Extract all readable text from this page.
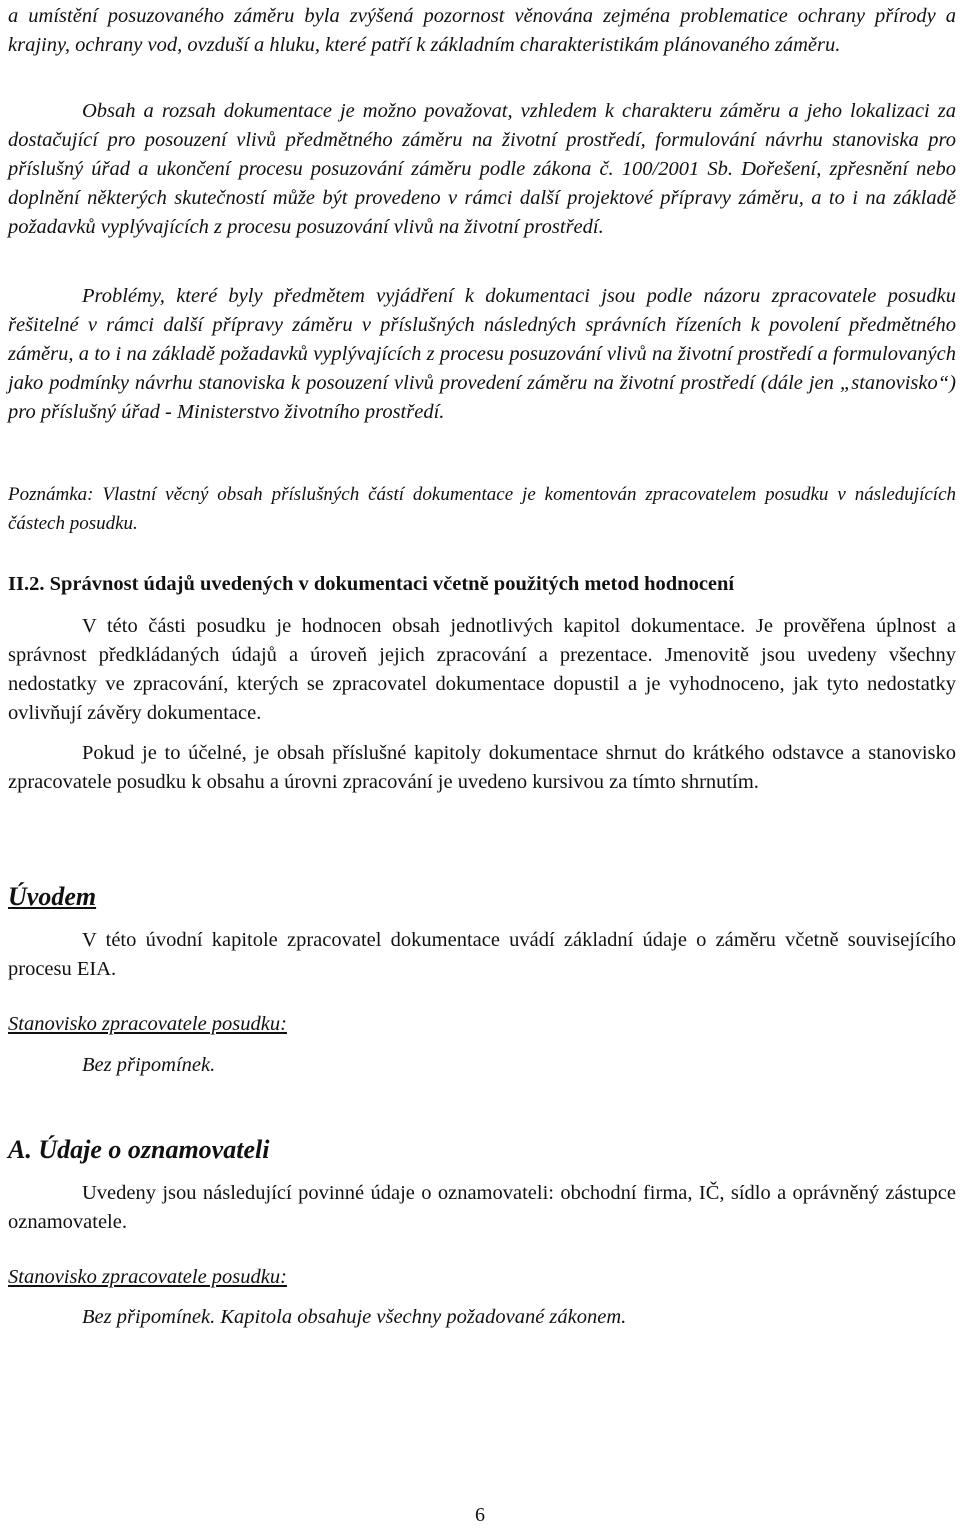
a umístění posuzovaného záměru byla zvýšená pozornost věnována zejména problematice ochrany přírody a krajiny, ochrany vod, ovzduší a hluku, které patří k základním charakteristikám plánovaného záměru.

Obsah a rozsah dokumentace je možno považovat, vzhledem k charakteru záměru a jeho lokalizaci za dostačující pro posouzení vlivů předmětného záměru na životní prostředí, formulování návrhu stanoviska pro příslušný úřad a ukončení procesu posuzování záměru podle zákona č. 100/2001 Sb. Dořešení, zpřesnění nebo doplnění některých skutečností může být provedeno v rámci další projektové přípravy záměru, a to i na základě požadavků vyplývajících z procesu posuzování vlivů na životní prostředí.

Problémy, které byly předmětem vyjádření k dokumentaci jsou podle názoru zpracovatele posudku řešitelné v rámci další přípravy záměru v příslušných následných správních řízeních k povolení předmětného záměru, a to i na základě požadavků vyplývajících z procesu posuzování vlivů na životní prostředí a formulovaných jako podmínky návrhu stanoviska k posouzení vlivů provedení záměru na životní prostředí (dále jen „stanovisko“) pro příslušný úřad - Ministerstvo životního prostředí.

Poznámka: Vlastní věcný obsah příslušných částí dokumentace je komentován zpracovatelem posudku v následujících částech posudku.

II.2. Správnost údajů uvedených v dokumentaci včetně použitých metod hodnocení

V této části posudku je hodnocen obsah jednotlivých kapitol dokumentace. Je prověřena úplnost a správnost předkládaných údajů a úroveň jejich zpracování a prezentace. Jmenovitě jsou uvedeny všechny nedostatky ve zpracování, kterých se zpracovatel dokumentace dopustil a je vyhodnoceno, jak tyto nedostatky ovlivňují závěry dokumentace.

Pokud je to účelné, je obsah příslušné kapitoly dokumentace shrnut do krátkého odstavce a stanovisko zpracovatele posudku k obsahu a úrovni zpracování je uvedeno kursivou za tímto shrnutím.

Úvodem

V této úvodní kapitole zpracovatel dokumentace uvádí základní údaje o záměru včetně souvisejícího procesu EIA.

Stanovisko zpracovatele posudku:

Bez připomínek.

A. Údaje o oznamovateli

Uvedeny jsou následující povinné údaje o oznamovateli: obchodní firma, IČ, sídlo a oprávněný zástupce oznamovatele.

Stanovisko zpracovatele posudku:

Bez připomínek. Kapitola obsahuje všechny požadované zákonem.

6
